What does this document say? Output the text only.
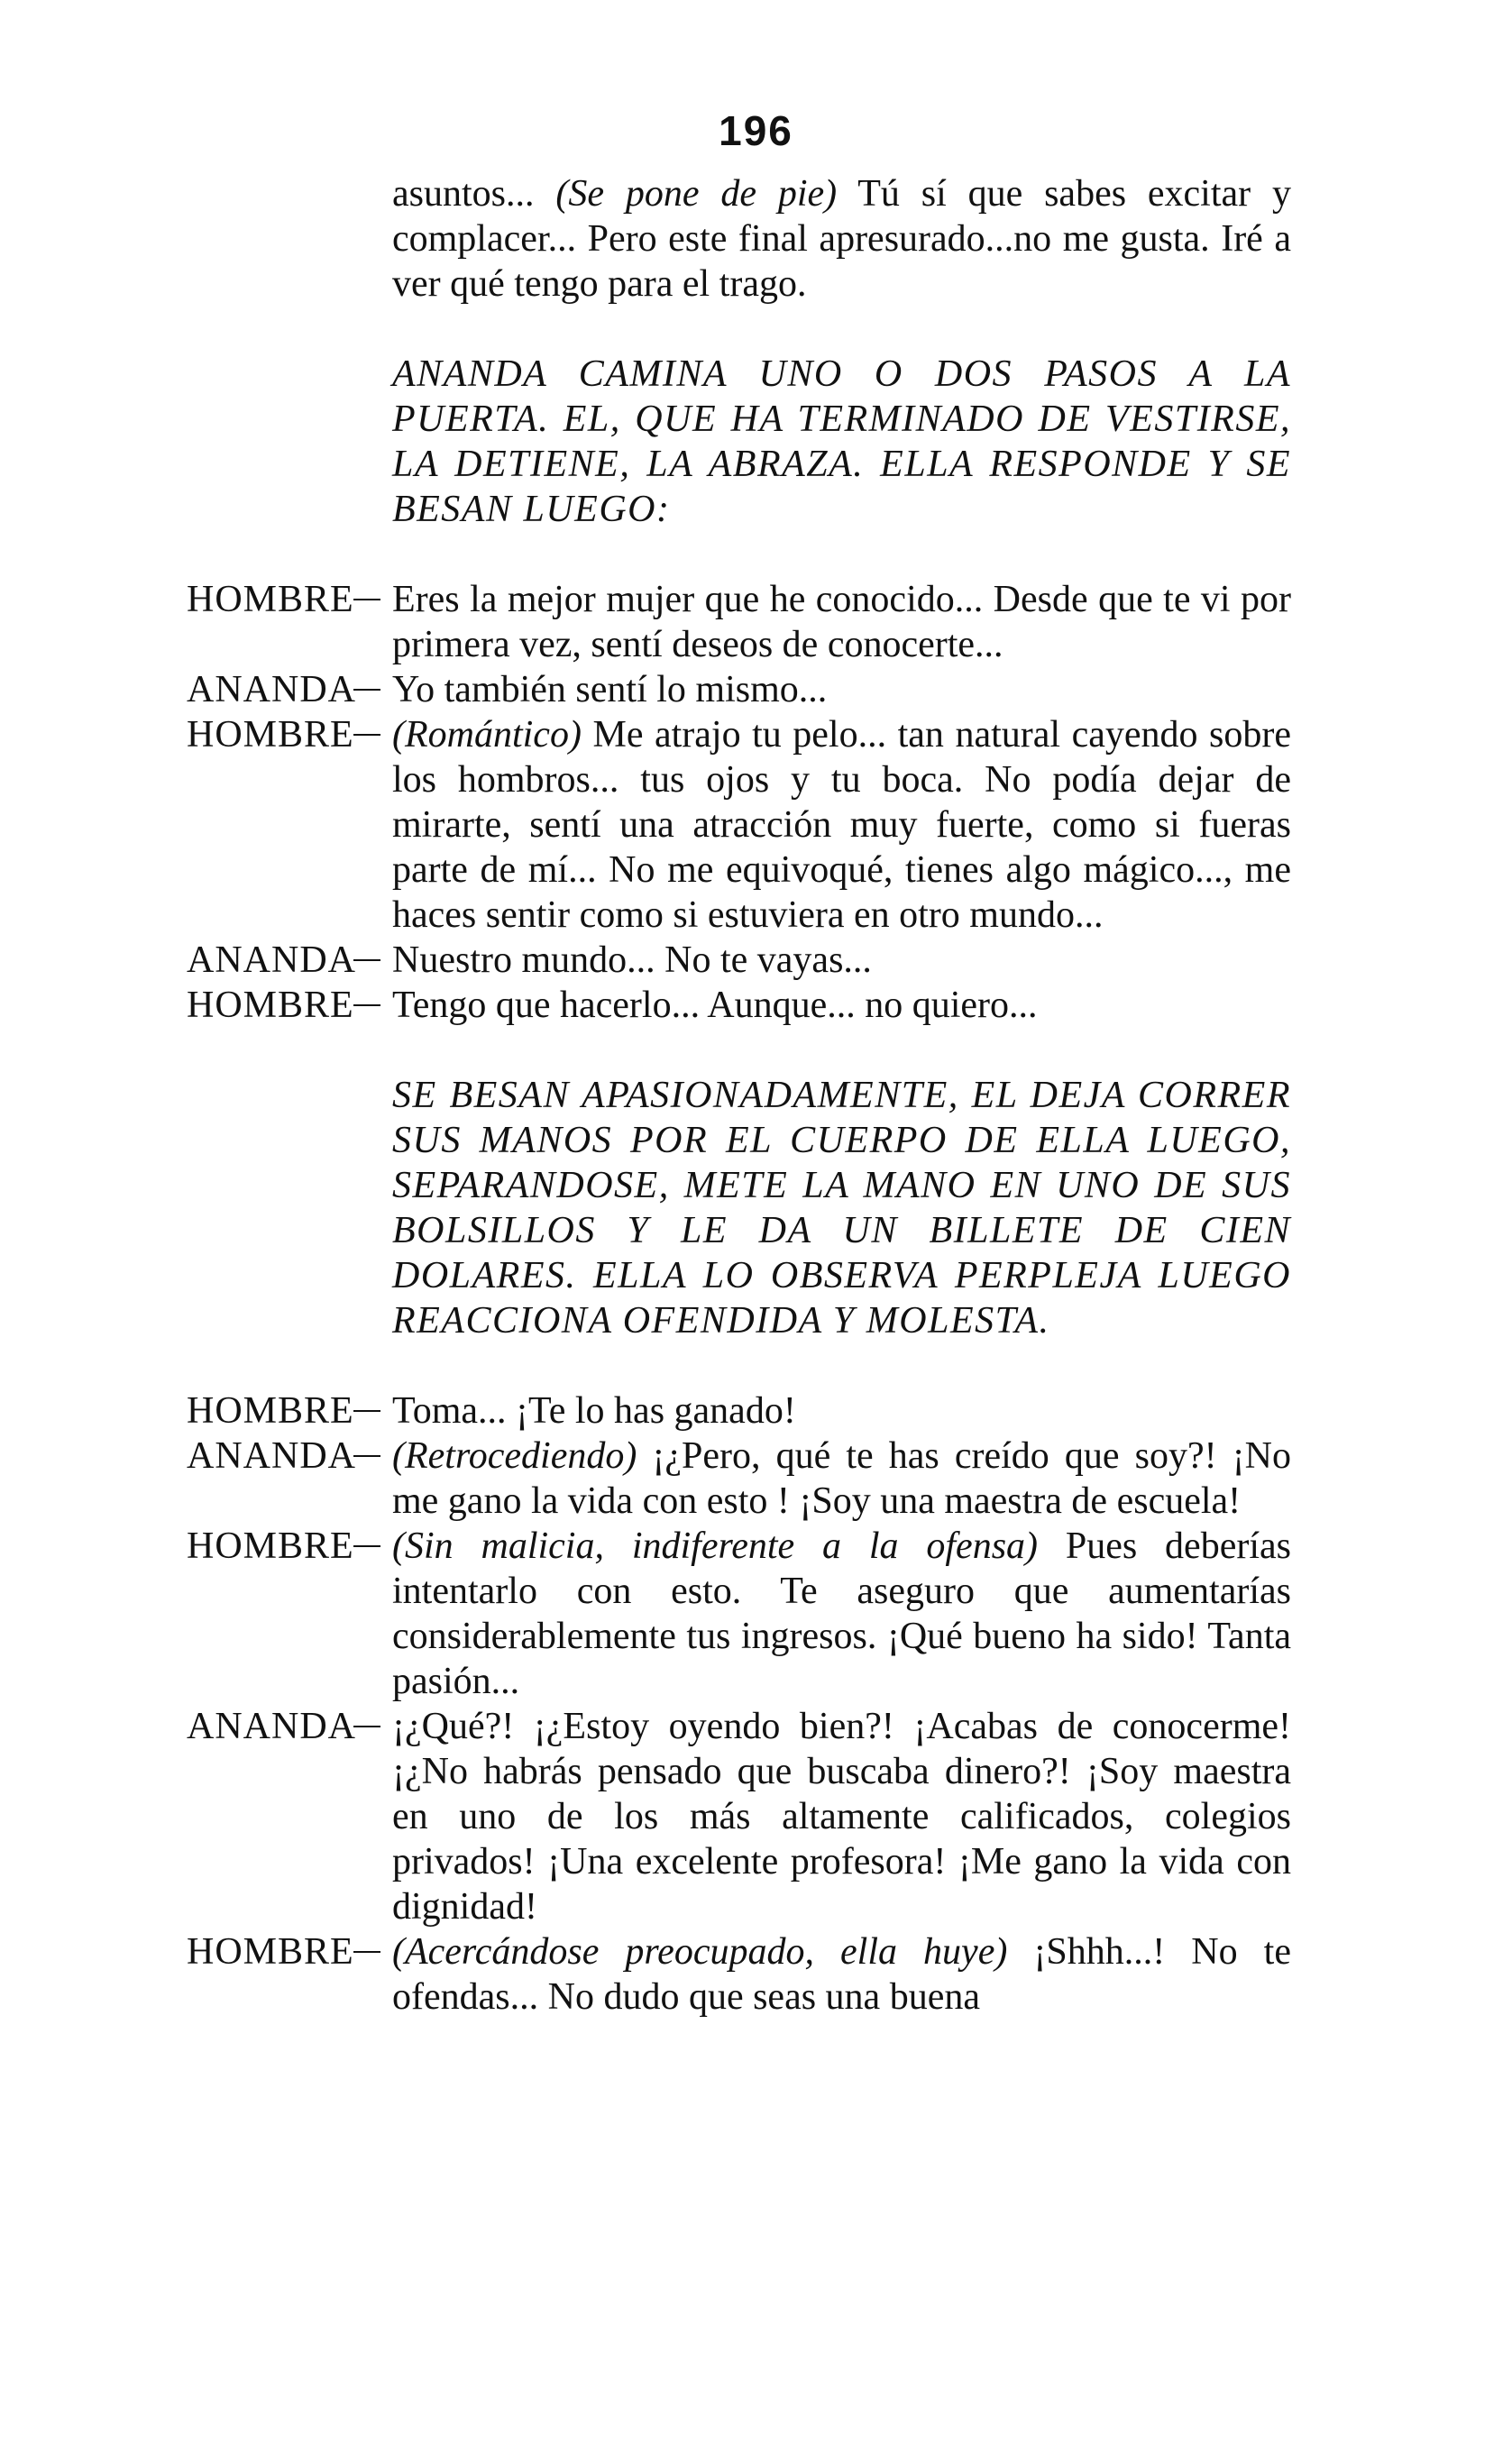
196
asuntos... (Se pone de pie) Tú sí que sabes excitar y complacer... Pero este final apresurado...no me gusta. Iré a ver qué tengo para el trago.
ANANDA CAMINA UNO O DOS PASOS A LA PUERTA. EL, QUE HA TERMINADO DE VESTIRSE, LA DETIENE, LA ABRAZA. ELLA RESPONDE Y SE BESAN LUEGO:
HOMBRE	Eres la mejor mujer que he conocido... Desde que te vi por primera vez, sentí deseos de conocerte...
ANANDA Yo también sentí lo mismo...
HOMBRE	(Romántico) Me atrajo tu pelo... tan natural cayendo sobre los hombros... tus ojos y tu boca. No podía dejar de mirarte, sentí una atracción muy fuerte, como si fueras parte de mí... No me equivoqué, tienes algo mágico..., me haces sentir como si estuviera en otro mundo...
ANANDA Nuestro mundo... No te vayas...
HOMBRE	Tengo que hacerlo... Aunque... no quiero...
SE BESAN APASIONADAMENTE, EL DEJA CORRER SUS MANOS POR EL CUERPO DE ELLA LUEGO, SEPARANDOSE, METE LA MANO EN UNO DE SUS BOLSILLOS Y LE DA UN BILLETE DE CIEN DOLARES. ELLA LO OBSERVA PERPLEJA LUEGO REACCIONA OFENDIDA Y MOLESTA.
HOMBRE	Toma... ¡Te lo has ganado!
ANANDA (Retrocediendo) ¡¿Pero, qué te has creído que soy?! ¡No me gano la vida con esto ! ¡Soy una maestra de escuela!
HOMBRE	(Sin malicia, indiferente a la ofensa) Pues deberías intentarlo con esto. Te aseguro que aumentarías considerablemente tus ingresos. ¡Qué bueno ha sido! Tanta pasión...
ANANDA ¡¿Qué?! ¡¿Estoy oyendo bien?! ¡Acabas de conocerme! ¡¿No habrás pensado que buscaba dinero?! ¡Soy maestra en uno de los más altamente calificados, colegios privados! ¡Una excelente profesora! ¡Me gano la vida con dignidad!
HOMBRE	(Acercándose preocupado, ella huye) ¡Shhh...! No te ofendas... No dudo que seas una buena
